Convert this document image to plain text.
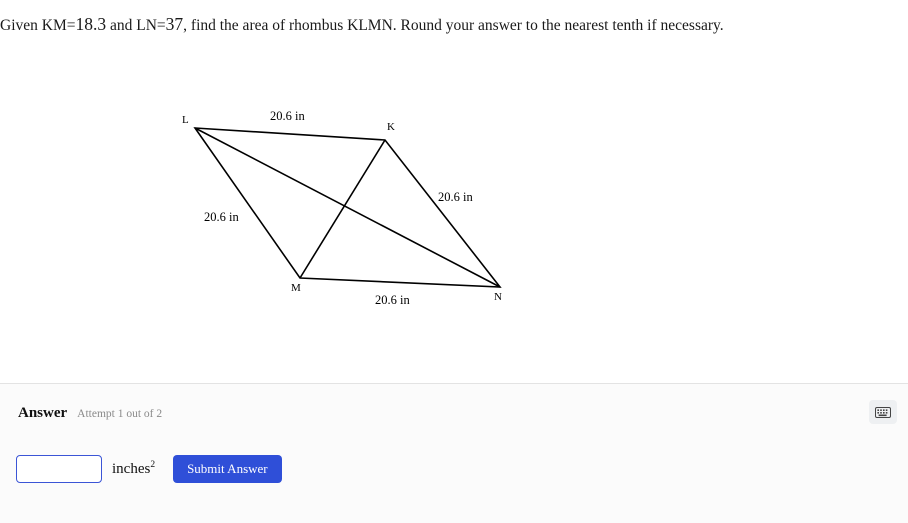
Given KM=18.3 and LN=37, find the area of rhombus KLMN. Round your answer to the nearest tenth if necessary.
L
K
M
N
20.6 in
20.6 in
20.6 in
20.6 in
Answer Attempt 1 out of 2
inches$^2$	Submit Answer
